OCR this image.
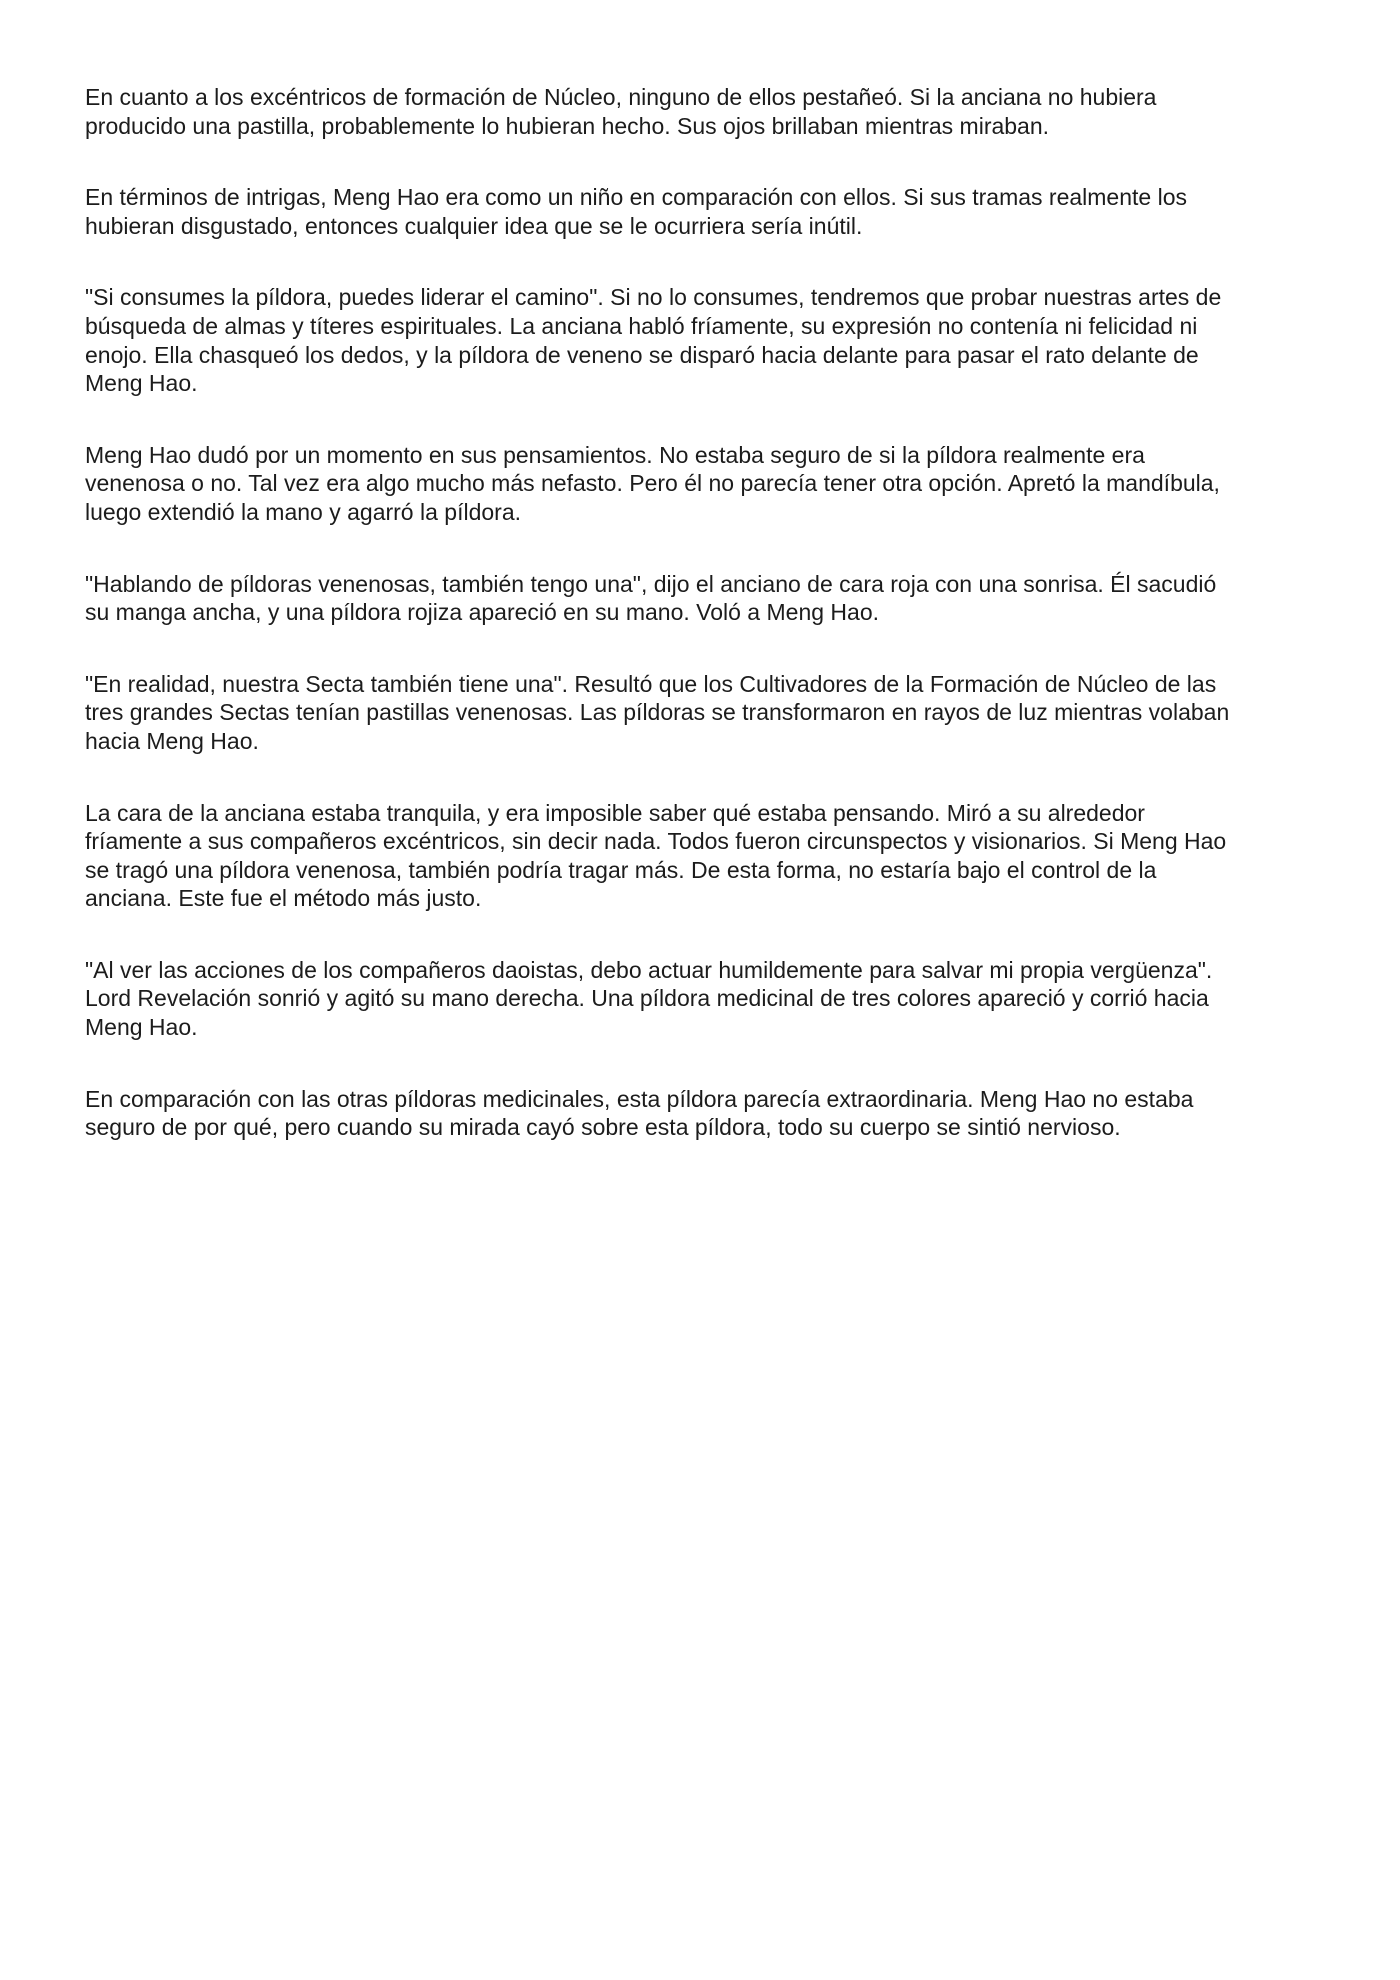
En cuanto a los excéntricos de formación de Núcleo, ninguno de ellos pestañeó. Si la anciana no hubiera
producido una pastilla, probablemente lo hubieran hecho. Sus ojos brillaban mientras miraban.

En términos de intrigas, Meng Hao era como un niño en comparación con ellos. Si sus tramas realmente los
hubieran disgustado, entonces cualquier idea que se le ocurriera sería inútil.

"Si consumes la píldora, puedes liderar el camino". Si no lo consumes, tendremos que probar nuestras artes de
búsqueda de almas y títeres espirituales. La anciana habló fríamente, su expresión no contenía ni felicidad ni
enojo. Ella chasqueó los dedos, y la píldora de veneno se disparó hacia delante para pasar el rato delante de
Meng Hao.

Meng Hao dudó por un momento en sus pensamientos. No estaba seguro de si la píldora realmente era
venenosa o no. Tal vez era algo mucho más nefasto. Pero él no parecía tener otra opción. Apretó la mandíbula,
luego extendió la mano y agarró la píldora.

"Hablando de píldoras venenosas, también tengo una", dijo el anciano de cara roja con una sonrisa. Él sacudió
su manga ancha, y una píldora rojiza apareció en su mano. Voló a Meng Hao.

"En realidad, nuestra Secta también tiene una". Resultó que los Cultivadores de la Formación de Núcleo de las
tres grandes Sectas tenían pastillas venenosas. Las píldoras se transformaron en rayos de luz mientras volaban
hacia Meng Hao.

La cara de la anciana estaba tranquila, y era imposible saber qué estaba pensando. Miró a su alrededor
fríamente a sus compañeros excéntricos, sin decir nada. Todos fueron circunspectos y visionarios. Si Meng Hao
se tragó una píldora venenosa, también podría tragar más. De esta forma, no estaría bajo el control de la
anciana. Este fue el método más justo.

"Al ver las acciones de los compañeros daoistas, debo actuar humildemente para salvar mi propia vergüenza".
Lord Revelación sonrió y agitó su mano derecha. Una píldora medicinal de tres colores apareció y corrió hacia
Meng Hao.

En comparación con las otras píldoras medicinales, esta píldora parecía extraordinaria. Meng Hao no estaba
seguro de por qué, pero cuando su mirada cayó sobre esta píldora, todo su cuerpo se sintió nervioso.
